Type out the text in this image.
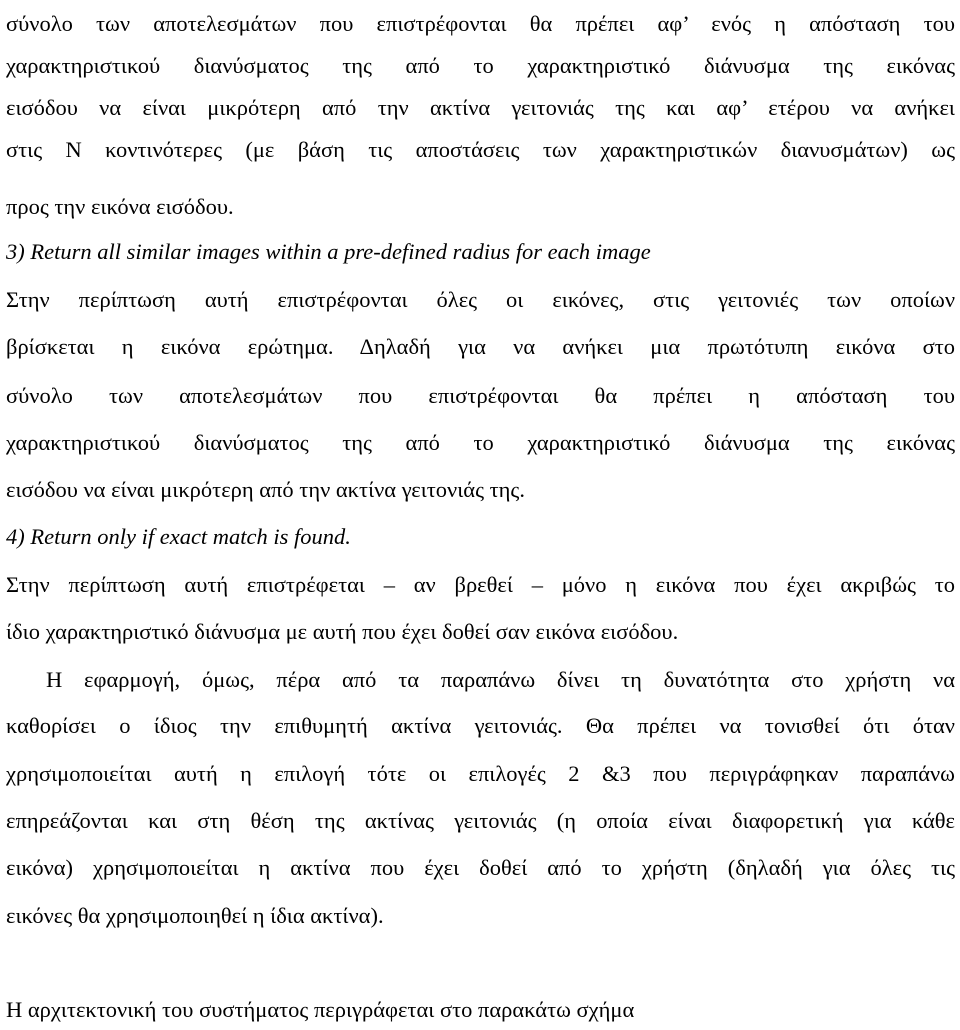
σύνολο των αποτελεσμάτων που επιστρέφονται θα πρέπει αφ’ ενός η απόσταση του
χαρακτηριστικού διανύσματος της από το χαρακτηριστικό διάνυσμα της εικόνας
εισόδου να είναι μικρότερη από την ακτίνα γειτονιάς της και αφ’ ετέρου να ανήκει
στις Ν κοντινότερες (με βάση τις αποστάσεις των χαρακτηριστικών διανυσμάτων) ως
προς την εικόνα εισόδου.
3) Return all similar images within a pre-defined radius for each image
Στην περίπτωση αυτή επιστρέφονται όλες οι εικόνες, στις γειτονιές των οποίων
βρίσκεται η εικόνα ερώτημα. Δηλαδή για να ανήκει μια πρωτότυπη εικόνα στο
σύνολο των αποτελεσμάτων που επιστρέφονται θα πρέπει η απόσταση του
χαρακτηριστικού διανύσματος της από το χαρακτηριστικό διάνυσμα της εικόνας
εισόδου να είναι μικρότερη από την ακτίνα γειτονιάς της.
4) Return only if exact match is found.
Στην περίπτωση αυτή επιστρέφεται – αν βρεθεί – μόνο η εικόνα που έχει ακριβώς το
ίδιο χαρακτηριστικό διάνυσμα με αυτή που έχει δοθεί σαν εικόνα εισόδου.
Η εφαρμογή, όμως, πέρα από τα παραπάνω δίνει τη δυνατότητα στο χρήστη να
καθορίσει ο ίδιος την επιθυμητή ακτίνα γειτονιάς. Θα πρέπει να τονισθεί ότι όταν
χρησιμοποιείται αυτή η επιλογή τότε οι επιλογές 2 &3 που περιγράφηκαν παραπάνω
επηρεάζονται και στη θέση της ακτίνας γειτονιάς (η οποία είναι διαφορετική για κάθε
εικόνα) χρησιμοποιείται η ακτίνα που έχει δοθεί από το χρήστη (δηλαδή για όλες τις
εικόνες θα χρησιμοποιηθεί η ίδια ακτίνα).
Η αρχιτεκτονική του συστήματος περιγράφεται στο παρακάτω σχήμα
